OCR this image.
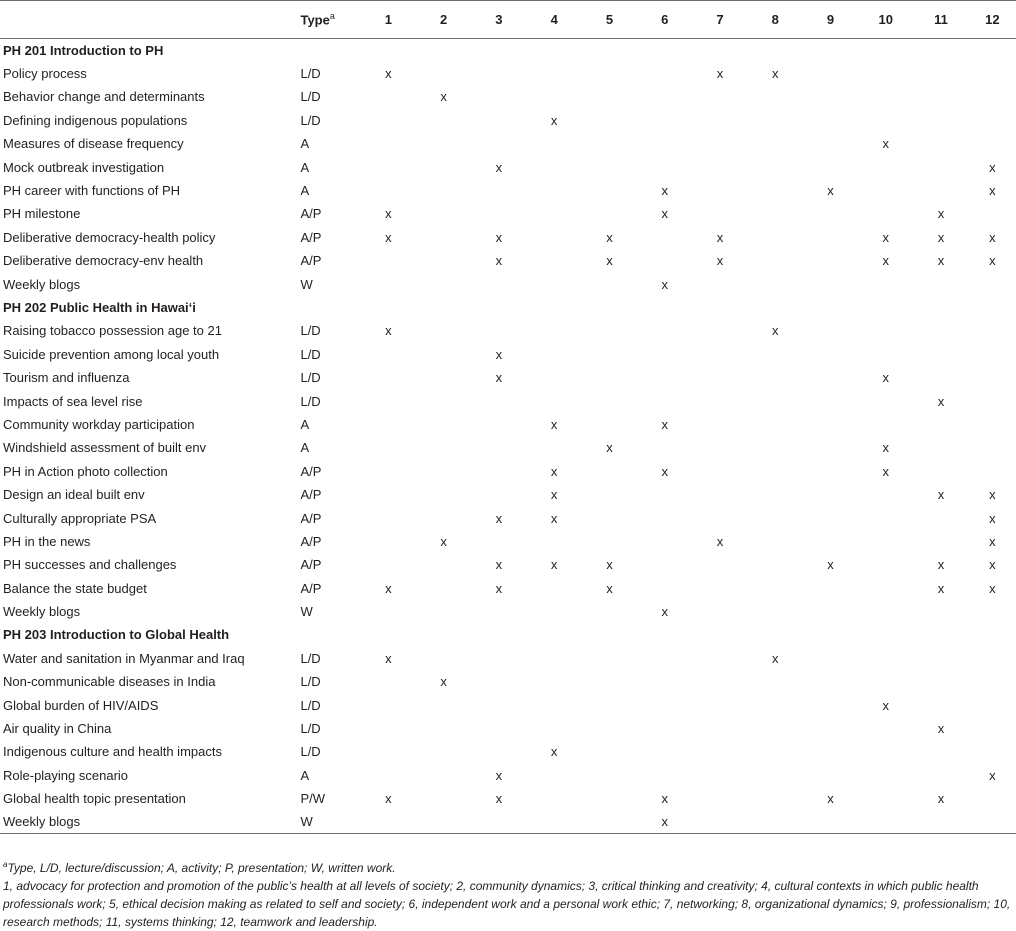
	Type$^a$	1	2	3	4	5	6	7	8	9	10	11	12
PH 201 Introduction to PH													
Policy process	L/D	x						x	x				
Behavior change and determinants	L/D		x										
Defining indigenous populations	L/D				x								
Measures of disease frequency	A										x		
Mock outbreak investigation	A			x									x
PH career with functions of PH	A						x			x			x
PH milestone	A/P	x					x					x	
Deliberative democracy-health policy	A/P	x		x		x		x			x	x	x
Deliberative democracy-env health	A/P			x		x		x			x	x	x
Weekly blogs	W						x						
PH 202 Public Health in Hawai‘i													
Raising tobacco possession age to 21	L/D	x							x				
Suicide prevention among local youth	L/D			x									
Tourism and influenza	L/D			x							x		
Impacts of sea level rise	L/D											x	
Community workday participation	A				x		x						
Windshield assessment of built env	A					x					x		
PH in Action photo collection	A/P				x		x				x		
Design an ideal built env	A/P				x							x	x
Culturally appropriate PSA	A/P			x	x								x
PH in the news	A/P		x					x					x
PH successes and challenges	A/P			x	x	x				x		x	x
Balance the state budget	A/P	x		x		x						x	x
Weekly blogs	W						x						
PH 203 Introduction to Global Health													
Water and sanitation in Myanmar and Iraq	L/D	x							x				
Non-communicable diseases in India	L/D		x										
Global burden of HIV/AIDS	L/D										x		
Air quality in China	L/D											x	
Indigenous culture and health impacts	L/D				x								
Role-playing scenario	A			x									x
Global health topic presentation	P/W	x		x			x			x		x	
Weekly blogs	W						x						

$^a$Type, L/D, lecture/discussion; A, activity; P, presentation; W, written work.

1, advocacy for protection and promotion of the public’s health at all levels of society; 2, community dynamics; 3, critical thinking and creativity; 4, cultural contexts in which public health professionals work; 5, ethical decision making as related to self and society; 6, independent work and a personal work ethic; 7, networking; 8, organizational dynamics; 9, professionalism; 10, research methods; 11, systems thinking; 12, teamwork and leadership.
